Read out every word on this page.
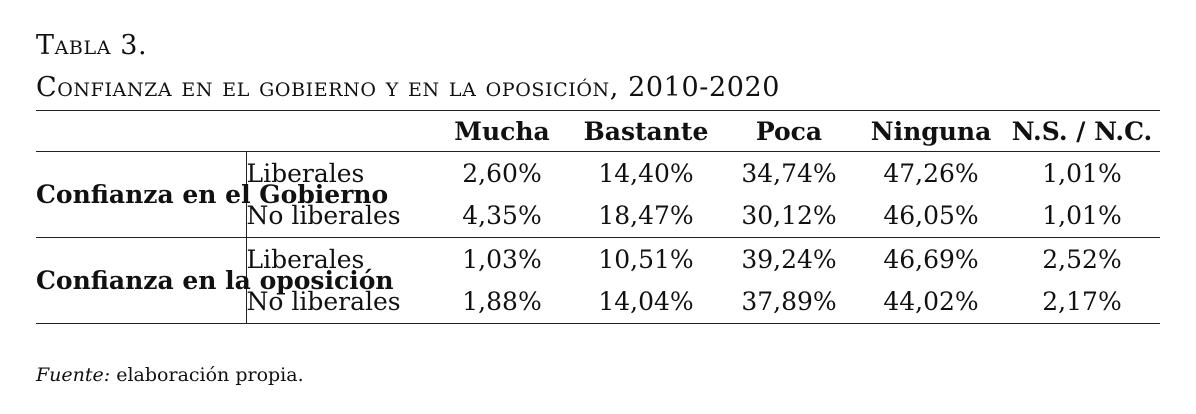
Tabla 3.
Confianza en el gobierno y en la oposición, 2010-2020
		Mucha	Bastante	Poca	Ninguna	N.S. / N.C.
Confianza en el Gobierno	Liberales	2,60%	14,40%	34,74%	47,26%	1,01%
	No liberales	4,35%	18,47%	30,12%	46,05%	1,01%
Confianza en la oposición	Liberales	1,03%	10,51%	39,24%	46,69%	2,52%
	No liberales	1,88%	14,04%	37,89%	44,02%	2,17%
Fuente: elaboración propia.
